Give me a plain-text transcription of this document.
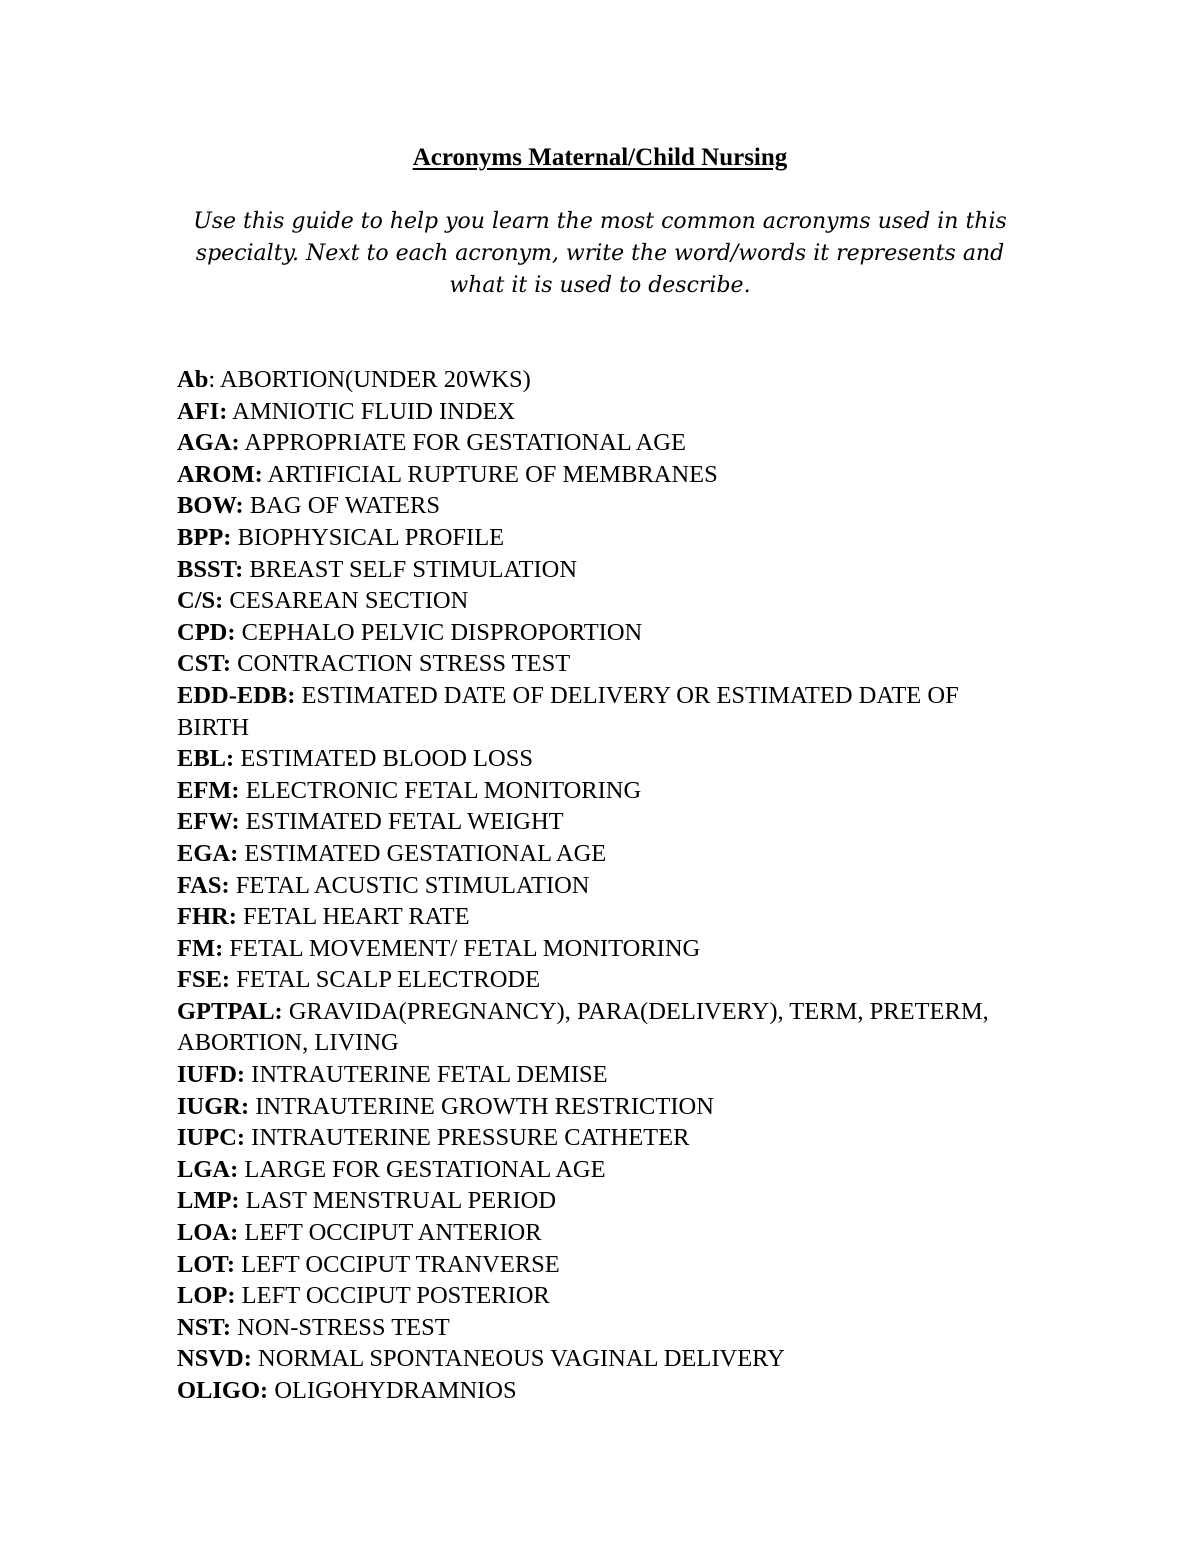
Acronyms Maternal/Child Nursing
Use this guide to help you learn the most common acronyms used in this specialty. Next to each acronym, write the word/words it represents and what it is used to describe.
Ab: ABORTION(UNDER 20WKS)
AFI: AMNIOTIC FLUID INDEX
AGA: APPROPRIATE FOR GESTATIONAL AGE
AROM: ARTIFICIAL RUPTURE OF MEMBRANES
BOW: BAG OF WATERS
BPP: BIOPHYSICAL PROFILE
BSST: BREAST SELF STIMULATION
C/S: CESAREAN SECTION
CPD: CEPHALO PELVIC DISPROPORTION
CST: CONTRACTION STRESS TEST
EDD-EDB: ESTIMATED DATE OF DELIVERY OR ESTIMATED DATE OF BIRTH
EBL: ESTIMATED BLOOD LOSS
EFM: ELECTRONIC FETAL MONITORING
EFW: ESTIMATED FETAL WEIGHT
EGA: ESTIMATED GESTATIONAL AGE
FAS: FETAL ACUSTIC STIMULATION
FHR: FETAL HEART RATE
FM: FETAL MOVEMENT/ FETAL MONITORING
FSE: FETAL SCALP ELECTRODE
GPTPAL: GRAVIDA(PREGNANCY), PARA(DELIVERY), TERM, PRETERM, ABORTION, LIVING
IUFD: INTRAUTERINE FETAL DEMISE
IUGR: INTRAUTERINE GROWTH RESTRICTION
IUPC: INTRAUTERINE PRESSURE CATHETER
LGA: LARGE FOR GESTATIONAL AGE
LMP: LAST MENSTRUAL PERIOD
LOA: LEFT OCCIPUT ANTERIOR
LOT: LEFT OCCIPUT TRANVERSE
LOP: LEFT OCCIPUT POSTERIOR
NST: NON-STRESS TEST
NSVD: NORMAL SPONTANEOUS VAGINAL DELIVERY
OLIGO: OLIGOHYDRAMNIOS
